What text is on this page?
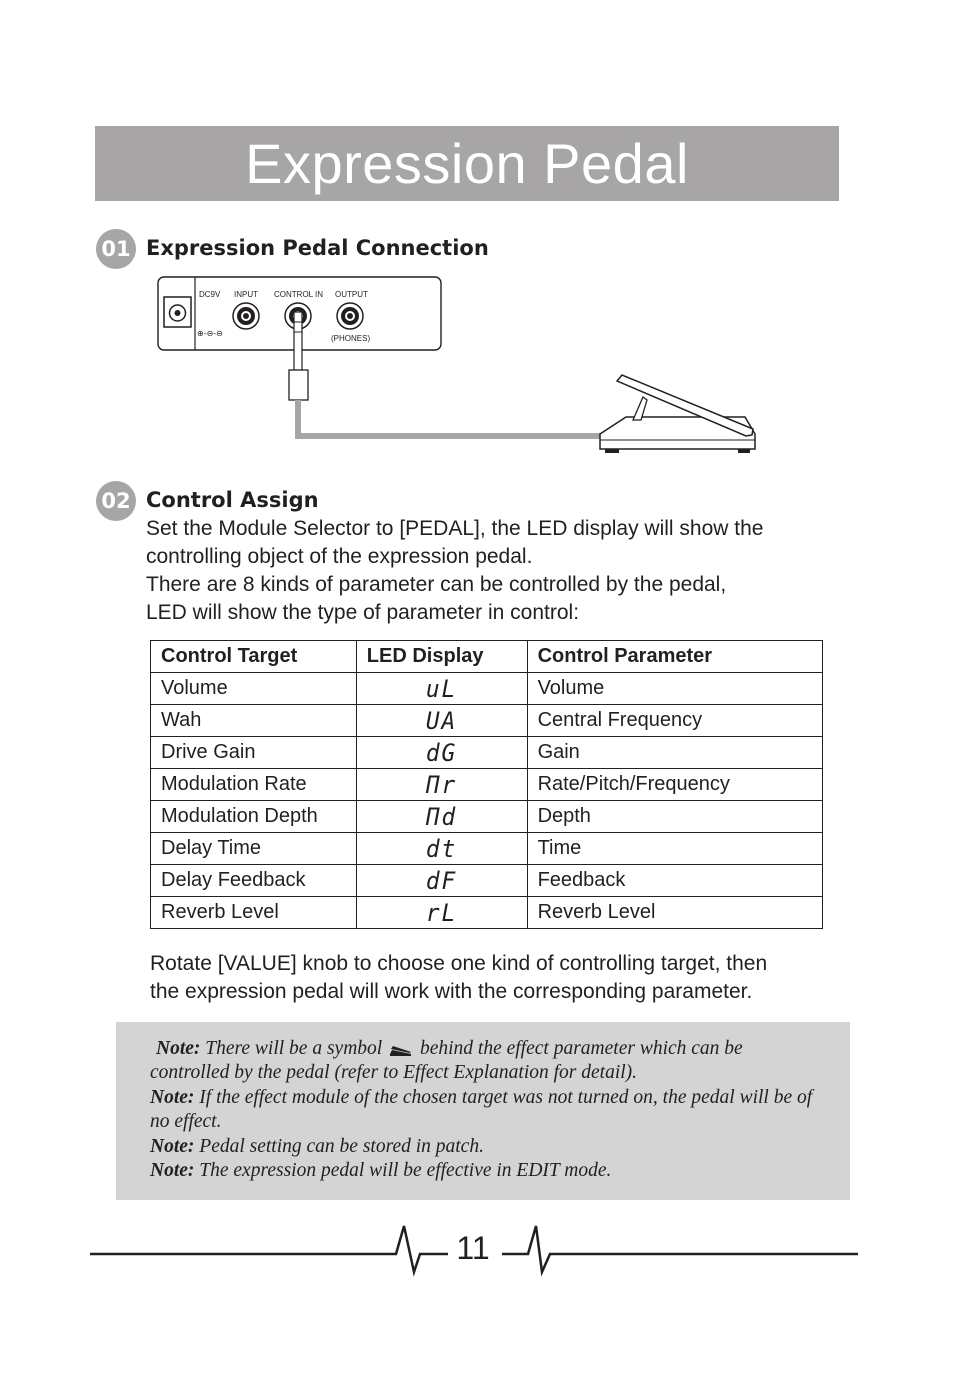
Expression Pedal
01 Expression Pedal Connection
DC9V
⊕-⊖-⊖
INPUT CONTROL IN OUTPUT
(PHONES)
02 Control Assign
Set the Module Selector to [PEDAL], the LED display will show the
controlling object of the expression pedal.
There are 8 kinds of parameter can be controlled by the pedal,
LED will show the type of parameter in control:
Control Target	LED Display	Control Parameter
Volume	uL	Volume
Wah	UA	Central Frequency
Drive Gain	dG	Gain
Modulation Rate	Πr	Rate/Pitch/Frequency
Modulation Depth	Πd	Depth
Delay Time	dt	Time
Delay Feedback	dF	Feedback
Reverb Level	rL	Reverb Level
Rotate [VALUE] knob to choose one kind of controlling target, then
the expression pedal will work with the corresponding parameter.
Note: There will be a symbol behind the effect parameter which can be
controlled by the pedal (refer to Effect Explanation for detail).
Note: If the effect module of the chosen target was not turned on, the pedal will be of
no effect.
Note: Pedal setting can be stored in patch.
Note: The expression pedal will be effective in EDIT mode.
11
